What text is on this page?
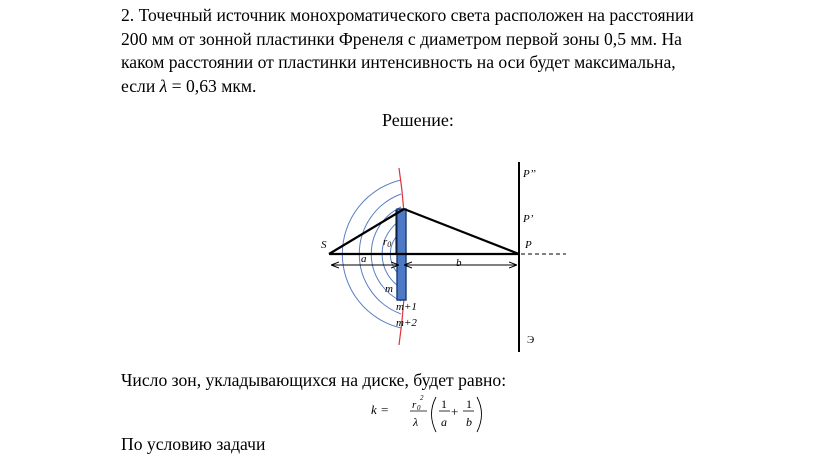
2. Точечный источник монохроматического света расположен на расстоянии
200 мм от зонной пластинки Френеля с диаметром первой зоны 0,5 мм. На
каком расстоянии от пластинки интенсивность на оси будет максимальна,
если λ = 0,63 мкм.
Решение:
S
a	b
r0	P
P’
P’’
m
m+1
m+2
Э
Число зон, укладывающихся на диске, будет равно:
k = r02
λ
1
a
+ 1
b
По условию задачи
